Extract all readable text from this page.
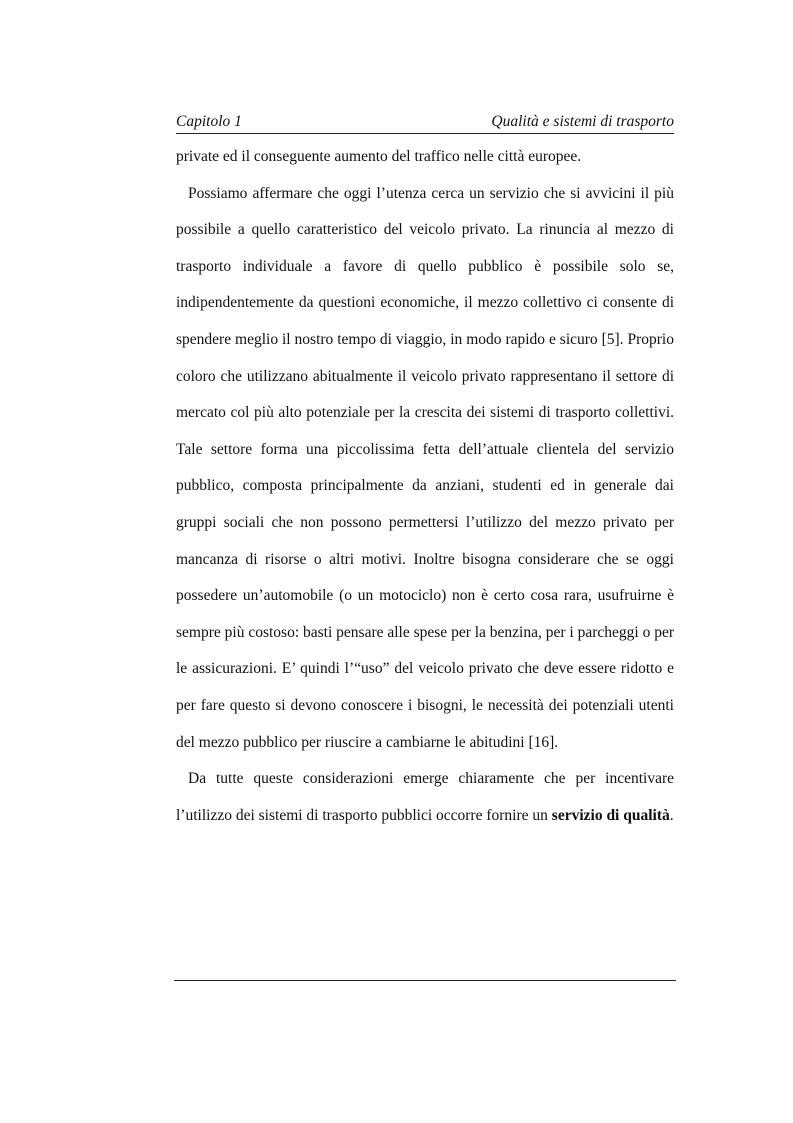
Capitolo 1	Qualità e sistemi di trasporto

private ed il conseguente aumento del traffico nelle città europee.

Possiamo affermare che oggi l’utenza cerca un servizio che si avvicini il più possibile a quello caratteristico del veicolo privato. La rinuncia al mezzo di trasporto individuale a favore di quello pubblico è possibile solo se, indipendentemente da questioni economiche, il mezzo collettivo ci consente di spendere meglio il nostro tempo di viaggio, in modo rapido e sicuro [5]. Proprio coloro che utilizzano abitualmente il veicolo privato rappresentano il settore di mercato col più alto potenziale per la crescita dei sistemi di trasporto collettivi. Tale settore forma una piccolissima fetta dell’attuale clientela del servizio pubblico, composta principalmente da anziani, studenti ed in generale dai gruppi sociali che non possono permettersi l’utilizzo del mezzo privato per mancanza di risorse o altri motivi. Inoltre bisogna considerare che se oggi possedere un’automobile (o un motociclo) non è certo cosa rara, usufruirne è sempre più costoso: basti pensare alle spese per la benzina, per i parcheggi o per le assicurazioni. E’ quindi l’“uso” del veicolo privato che deve essere ridotto e per fare questo si devono conoscere i bisogni, le necessità dei potenziali utenti del mezzo pubblico per riuscire a cambiarne le abitudini [16].

Da tutte queste considerazioni emerge chiaramente che per incentivare l’utilizzo dei sistemi di trasporto pubblici occorre fornire un servizio di qualità.
